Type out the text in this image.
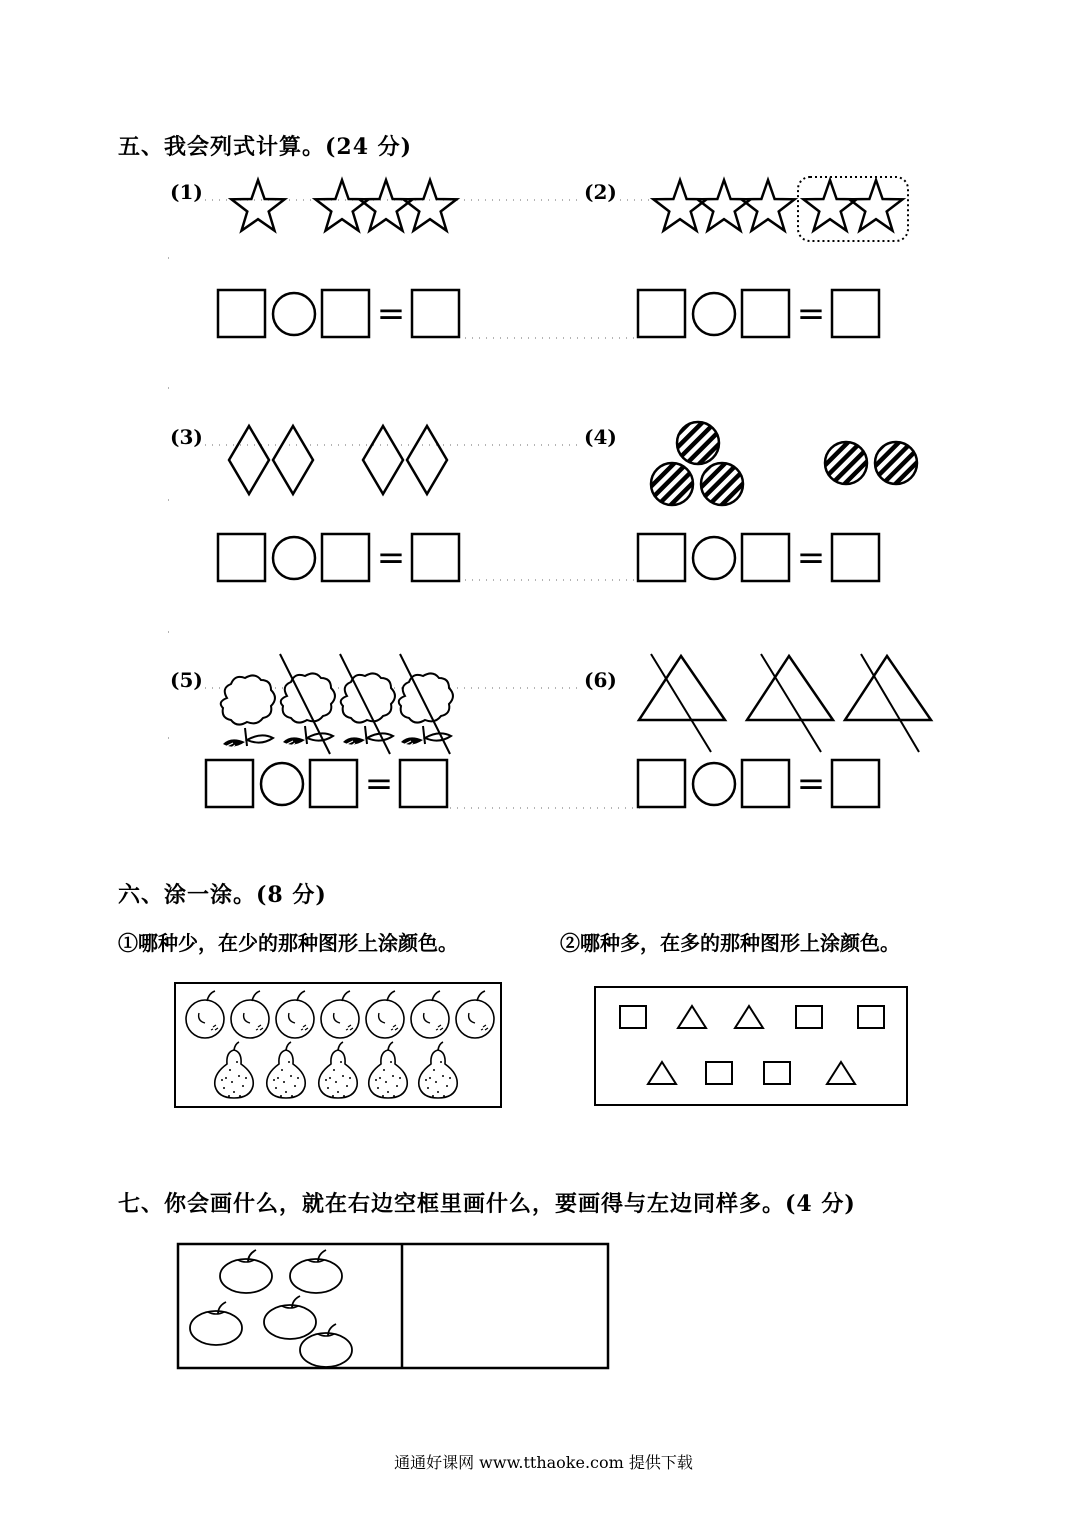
五、我会列式计算。(24 分)
(1)	(2)
(3)	(4)
(5)	(6)
=	=
=	=
=	=
六、涂一涂。(8 分)
①哪种少，在少的那种图形上涂颜色。	②哪种多，在多的那种图形上涂颜色。
七、你会画什么，就在右边空框里画什么，要画得与左边同样多。(4 分)
通通好课网 www.tthaoke.com 提供下载
